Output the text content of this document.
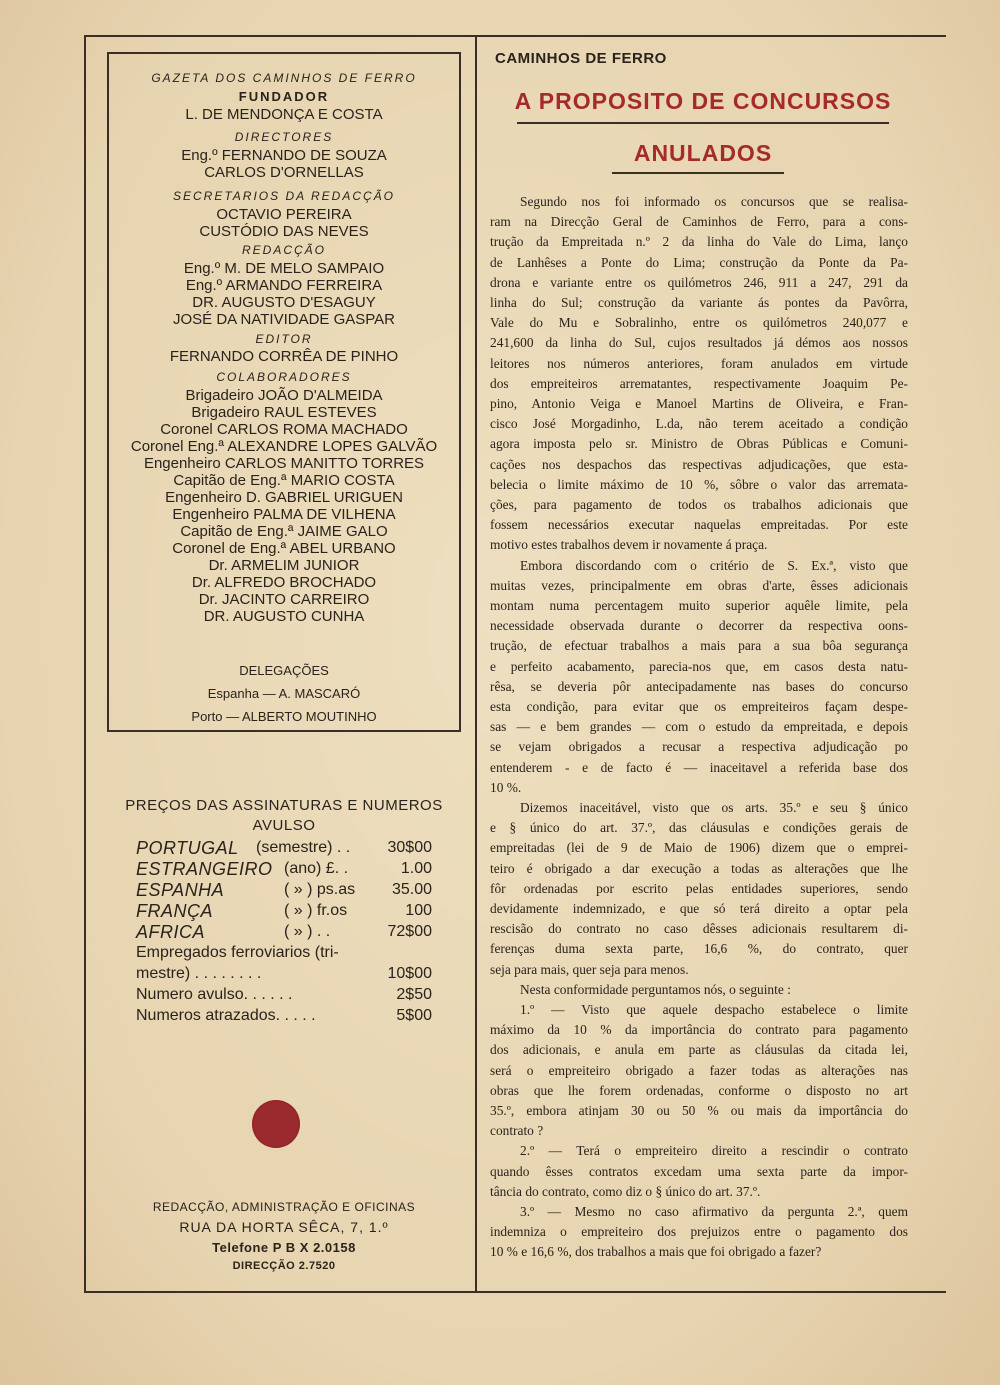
GAZETA DOS CAMINHOS DE FERRO
FUNDADOR
L. DE MENDONÇA E COSTA
DIRECTORES
Eng.º FERNANDO DE SOUZA
CARLOS D'ORNELLAS
SECRETARIOS DA REDACÇÃO
OCTAVIO PEREIRA
CUSTÓDIO DAS NEVES
REDACÇÃO
Eng.º M. DE MELO SAMPAIO
Eng.º ARMANDO FERREIRA
DR. AUGUSTO D'ESAGUY
JOSÉ DA NATIVIDADE GASPAR
EDITOR
FERNANDO CORRÊA DE PINHO
COLABORADORES
Brigadeiro JOÃO D'ALMEIDA
Brigadeiro RAUL ESTEVES
Coronel CARLOS ROMA MACHADO
Coronel Eng.ª ALEXANDRE LOPES GALVÃO
Engenheiro CARLOS MANITTO TORRES
Capitão de Eng.ª MARIO COSTA
Engenheiro D. GABRIEL URIGUEN
Engenheiro PALMA DE VILHENA
Capitão de Eng.ª JAIME GALO
Coronel de Eng.ª ABEL URBANO
Dr. ARMELIM JUNIOR
Dr. ALFREDO BROCHADO
Dr. JACINTO CARREIRO
DR. AUGUSTO CUNHA
DELEGAÇÕES
Espanha — A. MASCARÓ
Porto — ALBERTO MOUTINHO
PREÇOS DAS ASSINATURAS E NUMEROS
AVULSO
PORTUGAL (semestre) . . 30$00
ESTRANGEIRO (ano) £. .	1.00
ESPANHA	( » ) ps.as 35.00
FRANÇA	( » ) fr.os	100
AFRICA	( » ) . .	72$00
Empregados ferroviarios (tri-
mestre) . . . . . . . .	10$00
Numero avulso. . . . . .	2$50
Numeros atrazados. . . . .	5$00
REDACÇÃO, ADMINISTRAÇÃO E OFICINAS
RUA DA HORTA SÊCA, 7, 1.º
Telefone P B X 2.0158
DIRECÇÃO 2.7520
CAMINHOS DE FERRO
A PROPOSITO DE CONCURSOS
ANULADOS
Segundo nos foi informado os concursos que se realisa-
ram na Direcção Geral de Caminhos de Ferro, para a cons-
trução da Empreitada n.º 2 da linha do Vale do Lima, lanço
de Lanhêses a Ponte do Lima; construção da Ponte da Pa-
drona e variante entre os quilómetros 246, 911 a 247, 291 da
linha do Sul; construção da variante ás pontes da Pavôrra,
Vale do Mu e Sobralinho, entre os quilómetros 240,077 e
241,600 da linha do Sul, cujos resultados já démos aos nossos
leitores nos números anteriores, foram anulados em virtude
dos empreiteiros arrematantes, respectivamente Joaquim Pe-
pino, Antonio Veiga e Manoel Martins de Oliveira, e Fran-
cisco José Morgadinho, L.da, não terem aceitado a condição
agora imposta pelo sr. Ministro de Obras Públicas e Comuni-
cações nos despachos das respectivas adjudicações, que esta-
belecia o limite máximo de 10 %, sôbre o valor das arremata-
ções, para pagamento de todos os trabalhos adicionais que
fossem necessários executar naquelas empreitadas. Por este
motivo estes trabalhos devem ir novamente á praça.
Embora discordando com o critério de S. Ex.ª, visto que
muitas vezes, principalmente em obras d'arte, êsses adicionais
montam numa percentagem muito superior aquêle limite, pela
necessidade observada durante o decorrer da respectiva oons-
trução, de efectuar trabalhos a mais para a sua bôa segurança
e perfeito acabamento, parecia-nos que, em casos desta natu-
rêsa, se deveria pôr antecipadamente nas bases do concurso
esta condição, para evitar que os empreiteiros façam despe-
sas — e bem grandes — com o estudo da empreitada, e depois
se vejam obrigados a recusar a respectiva adjudicação po
entenderem - e de facto é — inaceitavel a referida base dos
10 %.
Dizemos inaceitável, visto que os arts. 35.º e seu § único
e § único do art. 37.º, das cláusulas e condições gerais de
empreitadas (lei de 9 de Maio de 1906) dizem que o emprei-
teiro é obrigado a dar execução a todas as alterações que lhe
fôr ordenadas por escrito pelas entidades superiores, sendo
devidamente indemnizado, e que só terá direito a optar pela
rescisão do contrato no caso dêsses adicionais resultarem di-
ferenças duma sexta parte, 16,6 %, do contrato, quer
seja para mais, quer seja para menos.
Nesta conformidade perguntamos nós, o seguinte :
1.º — Visto que aquele despacho estabelece o limite
máximo da 10 % da importância do contrato para pagamento
dos adicionais, e anula em parte as cláusulas da citada lei,
será o empreiteiro obrigado a fazer todas as alterações nas
obras que lhe forem ordenadas, conforme o disposto no art
35.º, embora atinjam 30 ou 50 % ou mais da importância do
contrato ?
2.º — Terá o empreiteiro direito a rescindir o contrato
quando êsses contratos excedam uma sexta parte da impor-
tância do contrato, como diz o § único do art. 37.º.
3.º — Mesmo no caso afirmativo da pergunta 2.ª, quem
indemniza o empreiteiro dos prejuizos entre o pagamento dos
10 % e 16,6 %, dos trabalhos a mais que foi obrigado a fazer?
